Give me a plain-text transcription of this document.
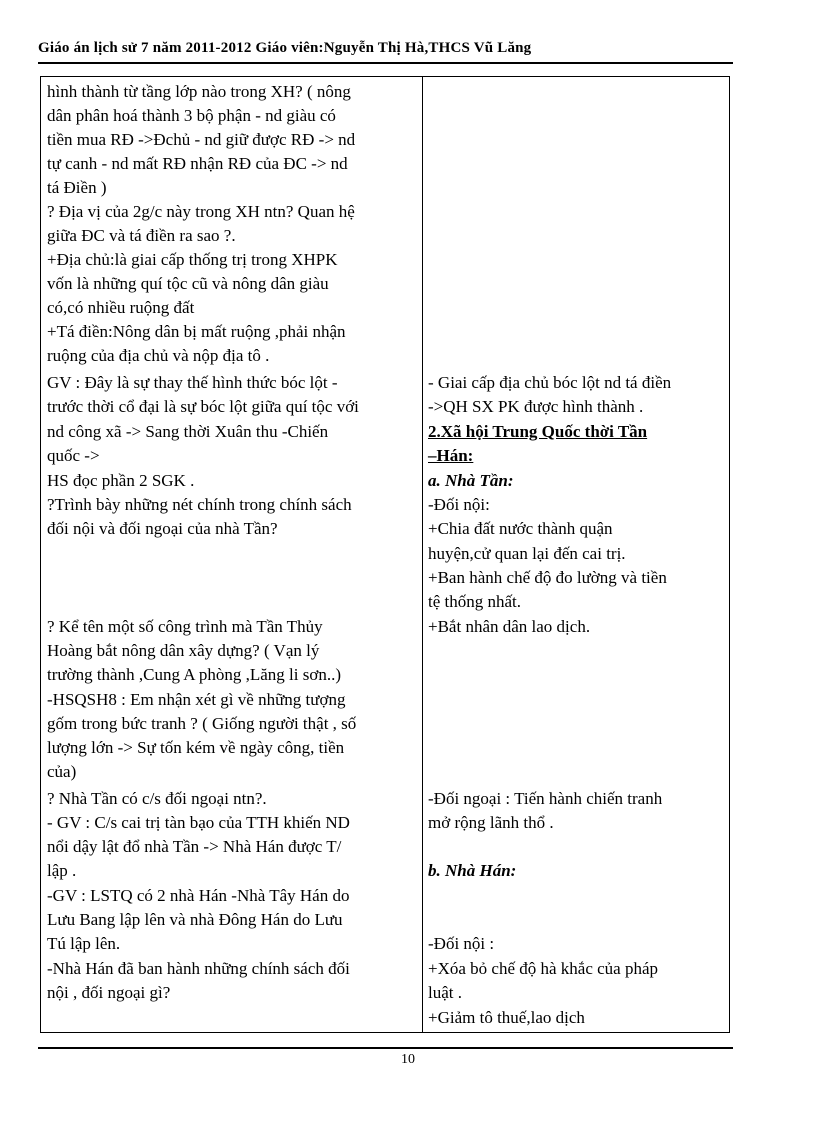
Giáo án lịch sử 7 năm 2011-2012 Giáo viên:Nguyễn Thị Hà,THCS Vũ Lăng
hình thành từ tầng lớp nào trong XH? ( nông
dân phân hoá thành 3 bộ phận - nd giàu có
tiền mua RĐ ->Đchủ - nd giữ được RĐ -> nd
tự canh - nd mất RĐ nhận RĐ của ĐC -> nd
tá Điền )
? Địa vị của 2g/c này trong XH ntn? Quan hệ
giữa ĐC và tá điền ra sao ?.
+Địa chủ:là giai cấp thống trị trong XHPK
vốn là những quí tộc cũ và nông dân giàu
có,có nhiều ruộng đất
+Tá điền:Nông dân bị mất ruộng ,phải nhận
ruộng của địa chủ và nộp địa tô .
GV : Đây là sự thay thế hình thức bóc lột -
trước thời cổ đại là sự bóc lột giữa quí tộc với
nd công xã -> Sang thời Xuân thu -Chiến
quốc ->
HS đọc phần 2 SGK .
?Trình bày những nét chính trong chính sách
đối nội và đối ngoại của nhà Tần?
? Kể tên một số công trình mà Tần Thủy
Hoàng bắt nông dân xây dựng? ( Vạn lý
trường thành ,Cung A phòng ,Lăng li sơn..)
-HSQSH8 : Em nhận xét gì về những tượng
gốm trong bức tranh ? ( Giống người thật , số
lượng lớn -> Sự tốn kém về ngày công, tiền
của)
? Nhà Tần có c/s đối ngoại ntn?.
- GV : C/s cai trị tàn bạo của TTH khiến ND
nổi dậy lật đổ nhà Tần -> Nhà Hán được T/
lập .
-GV : LSTQ có 2 nhà Hán -Nhà Tây Hán do
Lưu Bang lập lên và nhà Đông Hán do Lưu
Tú lập lên.
-Nhà Hán đã ban hành những chính sách đối
nội , đối ngoại gì?
- Giai cấp địa chủ bóc lột nd tá điền
->QH SX PK được hình thành .
2.Xã hội Trung Quốc thời Tần
–Hán:
a. Nhà Tần:
-Đối nội:
+Chia đất nước thành quận
huyện,cử quan lại đến cai trị.
+Ban hành chế độ đo lường và tiền
tệ thống nhất.
+Bắt nhân dân lao dịch.
-Đối ngoại : Tiến hành chiến tranh
mở rộng lãnh thổ .
b. Nhà Hán:
-Đối nội :
+Xóa bỏ chế độ hà khắc của pháp
luật .
+Giảm tô thuế,lao dịch
10
